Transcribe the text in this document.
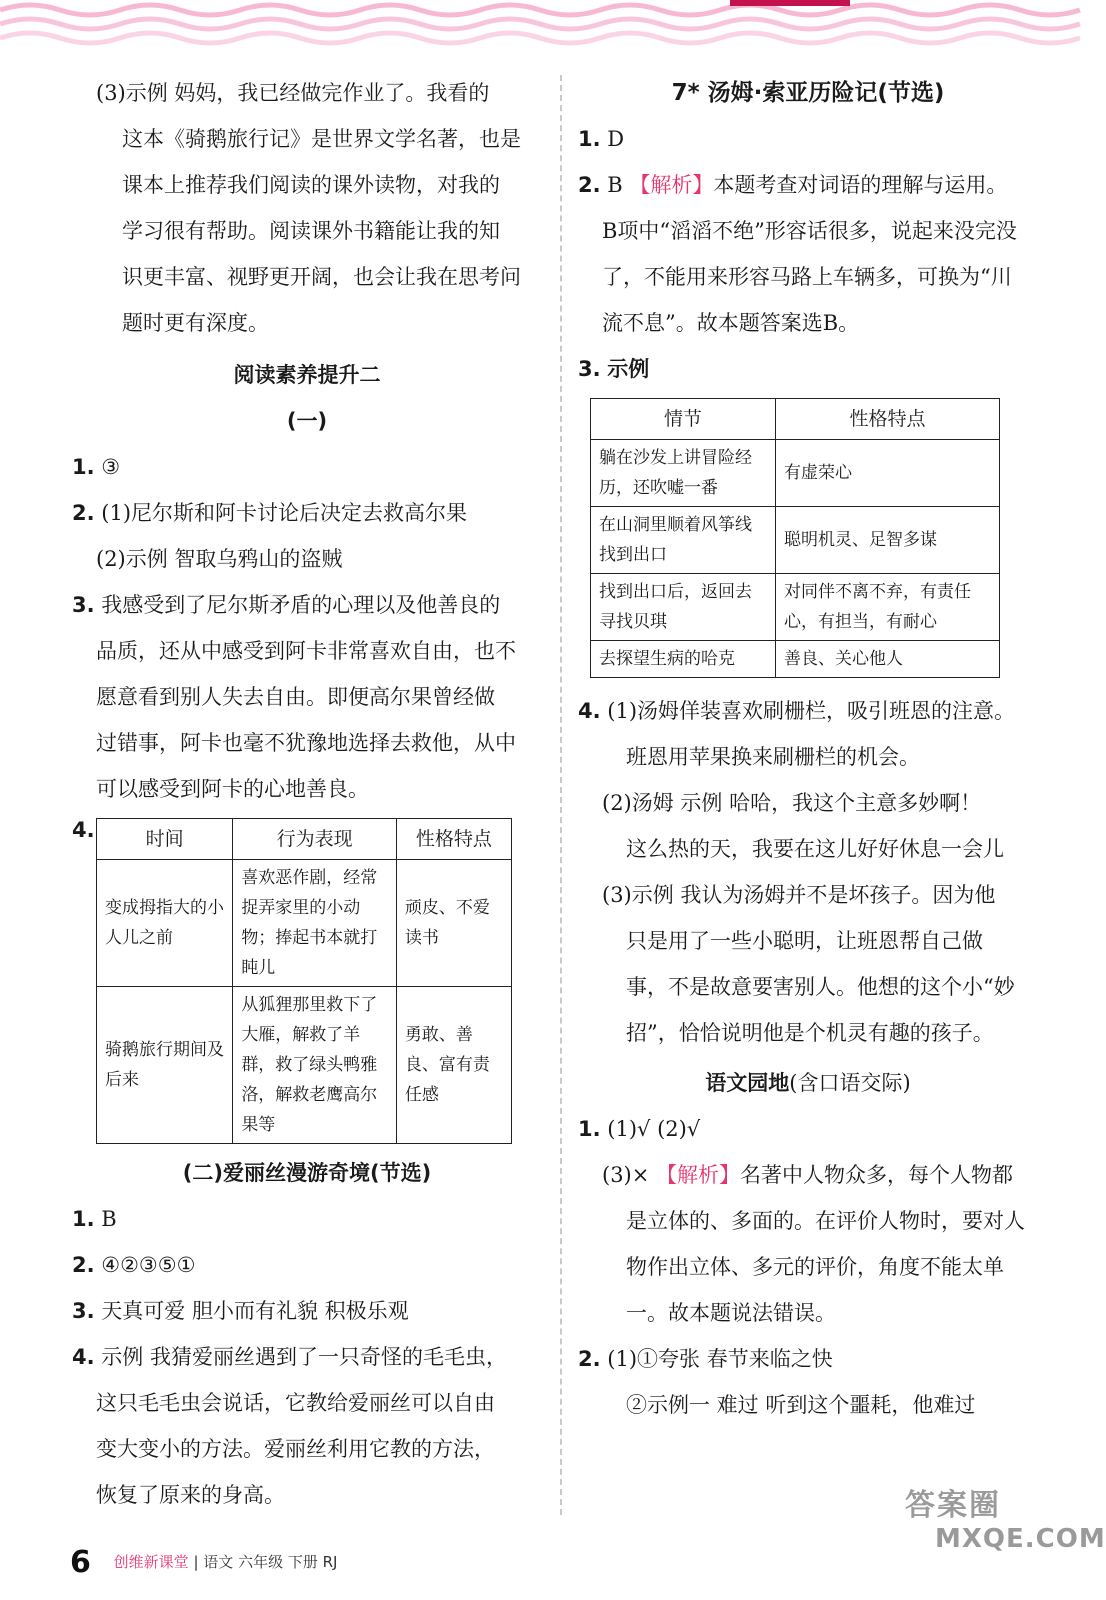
(3)示例 妈妈，我已经做完作业了。我看的
这本《骑鹅旅行记》是世界文学名著，也是
课本上推荐我们阅读的课外读物，对我的
学习很有帮助。阅读课外书籍能让我的知
识更丰富、视野更开阔，也会让我在思考问
题时更有深度。
阅读素养提升二
(一)
1. ③
2. (1)尼尔斯和阿卡讨论后决定去救高尔果
(2)示例 智取乌鸦山的盗贼
3. 我感受到了尼尔斯矛盾的心理以及他善良的
品质，还从中感受到阿卡非常喜欢自由，也不
愿意看到别人失去自由。即便高尔果曾经做
过错事，阿卡也毫不犹豫地选择去救他，从中
可以感受到阿卡的心地善良。
4.	时间	行为表现	性格特点
变成拇指大的小人儿之前	喜欢恶作剧，经常捉弄家里的小动物；捧起书本就打盹儿	顽皮、不爱读书
骑鹅旅行期间及后来	从狐狸那里救下了大雁，解救了羊群，救了绿头鸭雅洛，解救老鹰高尔果等	勇敢、善良、富有责任感
(二)爱丽丝漫游奇境(节选)
1. B
2. ④②③⑤①
3. 天真可爱 胆小而有礼貌 积极乐观
4. 示例 我猜爱丽丝遇到了一只奇怪的毛毛虫，
这只毛毛虫会说话，它教给爱丽丝可以自由
变大变小的方法。爱丽丝利用它教的方法，
恢复了原来的身高。
7* 汤姆·索亚历险记(节选)
1. D
2. B 【解析】本题考查对词语的理解与运用。
B项中“滔滔不绝”形容话很多，说起来没完没
了，不能用来形容马路上车辆多，可换为“川
流不息”。故本题答案选B。
3. 示例
情节	性格特点
躺在沙发上讲冒险经历，还吹嘘一番	有虚荣心
在山洞里顺着风筝线找到出口	聪明机灵、足智多谋
找到出口后，返回去寻找贝琪	对同伴不离不弃，有责任心，有担当，有耐心
去探望生病的哈克	善良、关心他人
4. (1)汤姆佯装喜欢刷栅栏，吸引班恩的注意。
班恩用苹果换来刷栅栏的机会。
(2)汤姆 示例 哈哈，我这个主意多妙啊！
这么热的天，我要在这儿好好休息一会儿
(3)示例 我认为汤姆并不是坏孩子。因为他
只是用了一些小聪明，让班恩帮自己做
事，不是故意要害别人。他想的这个小“妙
招”，恰恰说明他是个机灵有趣的孩子。
语文园地(含口语交际)
1. (1)√ (2)√
(3)× 【解析】名著中人物众多，每个人物都
是立体的、多面的。在评价人物时，要对人
物作出立体、多元的评价，角度不能太单
一。故本题说法错误。
2. (1)①夸张 春节来临之快
②示例一 难过 听到这个噩耗，他难过
6 创维新课堂 | 语文 六年级 下册 RJ
答案圈
MXQE.COM
